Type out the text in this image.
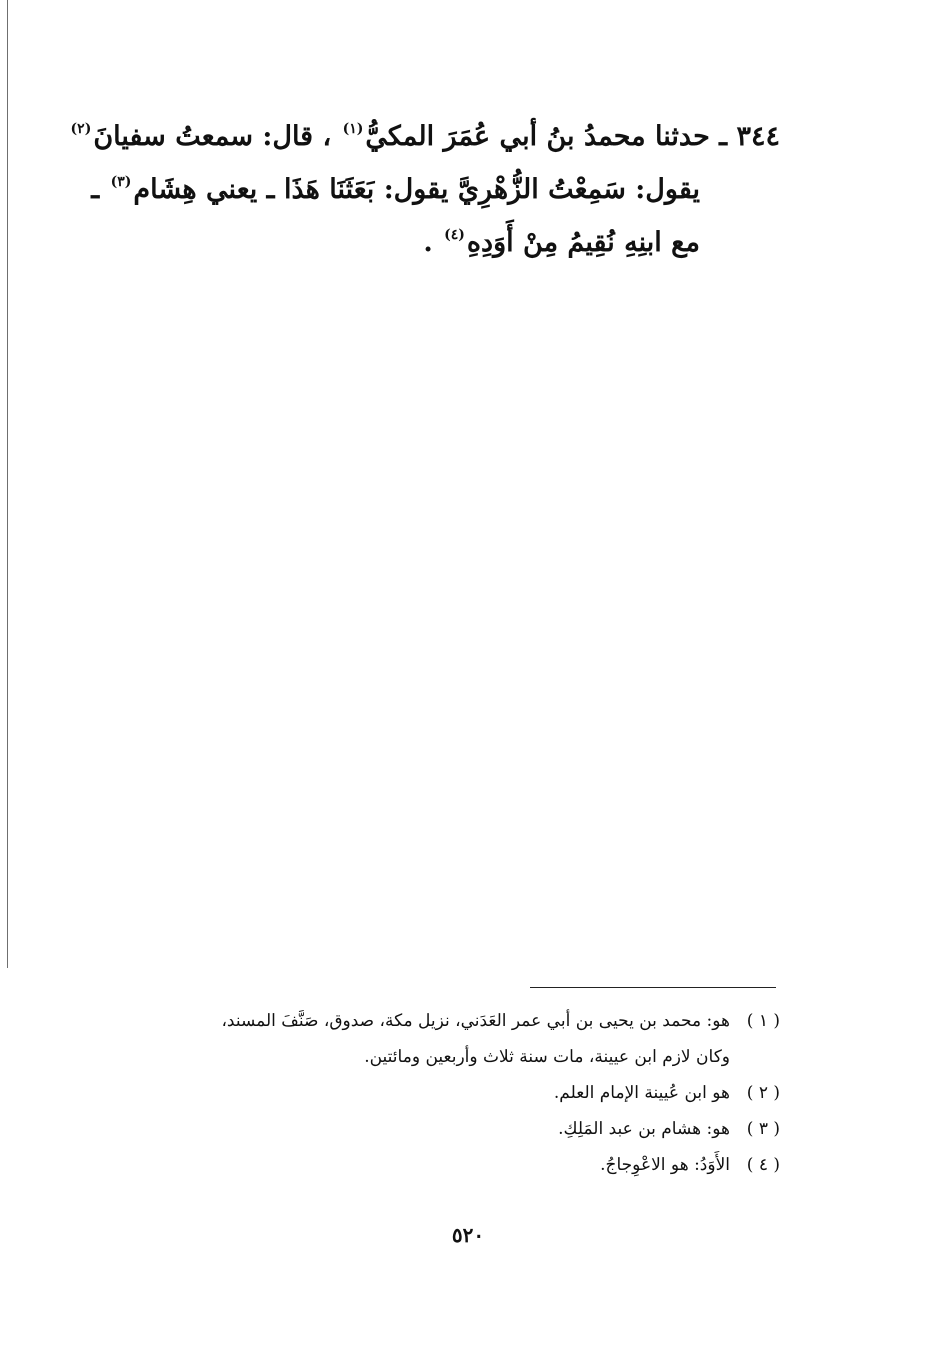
٣٤٤ ـ حدثنا محمدُ بنُ أبي عُمَرَ المكيُّ$^{(١)}$ ، قال: سمعتُ سفيانَ$^{(٢)}$
يقول: سَمِعْتُ الزُّهْرِيَّ يقول: بَعَثَنَا هَذَا ـ يعني هِشَام$^{(٣)}$ ـ
مع ابنِهِ نُقِيمُ مِنْ أَوَدِهِ$^{(٤)}$ .
( ١ )هو: محمد بن يحيى بن أبي عمر العَدَني، نزيل مكة، صدوق، صَنَّفَ المسند،
وكان لازم ابن عيينة، مات سنة ثلاث وأربعين ومائتين.
( ٢ )هو ابن عُيينة الإمام العلم.
( ٣ )هو: هشام بن عبد المَلِكِ.
( ٤ )الأَوَدُ: هو الاعْوِجاجُ.
٥٢٠
